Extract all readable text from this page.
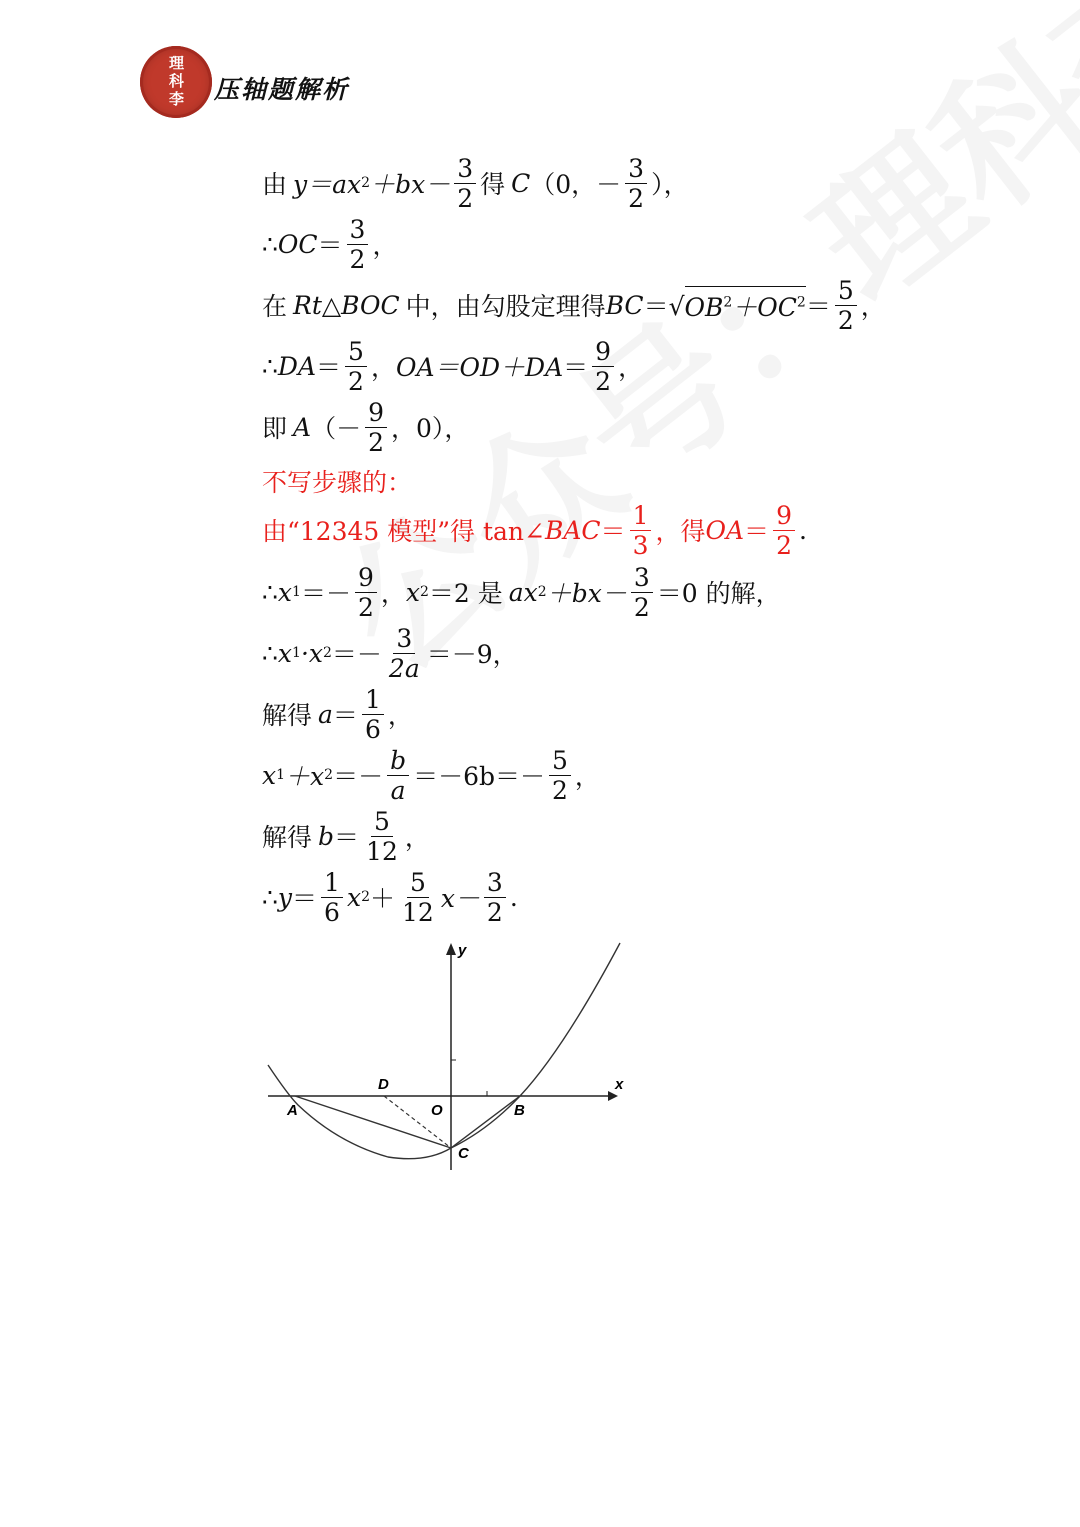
理
科
李 压轴题解析
由 y＝ax $2 +bx- \frac{3}{2}$ 得 C （0，－ $\frac{3}{2}$ ），
∴ OC ＝ $\frac{3}{2}$ ，
在 Rt△BOC 中，由勾股定理得 BC ＝√ $OB^2+OC^2 = \frac{5}{2}$ ，
∴ DA ＝ $\frac{5}{2}$ ， $OA=OD+DA = \frac{9}{2}$ ，
即 A （－ $\frac{9}{2}$ ，0），
不写步骤的：
由“12345 模型”得 tan∠ BAC ＝ $\frac{1}{3}$ ，得 OA ＝ $\frac{9}{2}$ .
∴ x $1 =- \frac{9}{2}$ ， x 2 ＝2 是 ax $2 +bx- \frac{3}{2} =0$ 的解，
∴ x 1 ·x $2 =- \frac{3}{2a} =-9$，
解得 $a = \frac{1}{6}$ ，
x 1 ＋x $2 =- \frac{b}{a} =-6b=- \frac{5}{2}$ ，
解得 $b = \frac{5}{12}$ ，
∴ $y = \frac{1}{6}$ x $2 + \frac{5}{12} x- \frac{3}{2}$ .
y
x
D
A	O	B
C
